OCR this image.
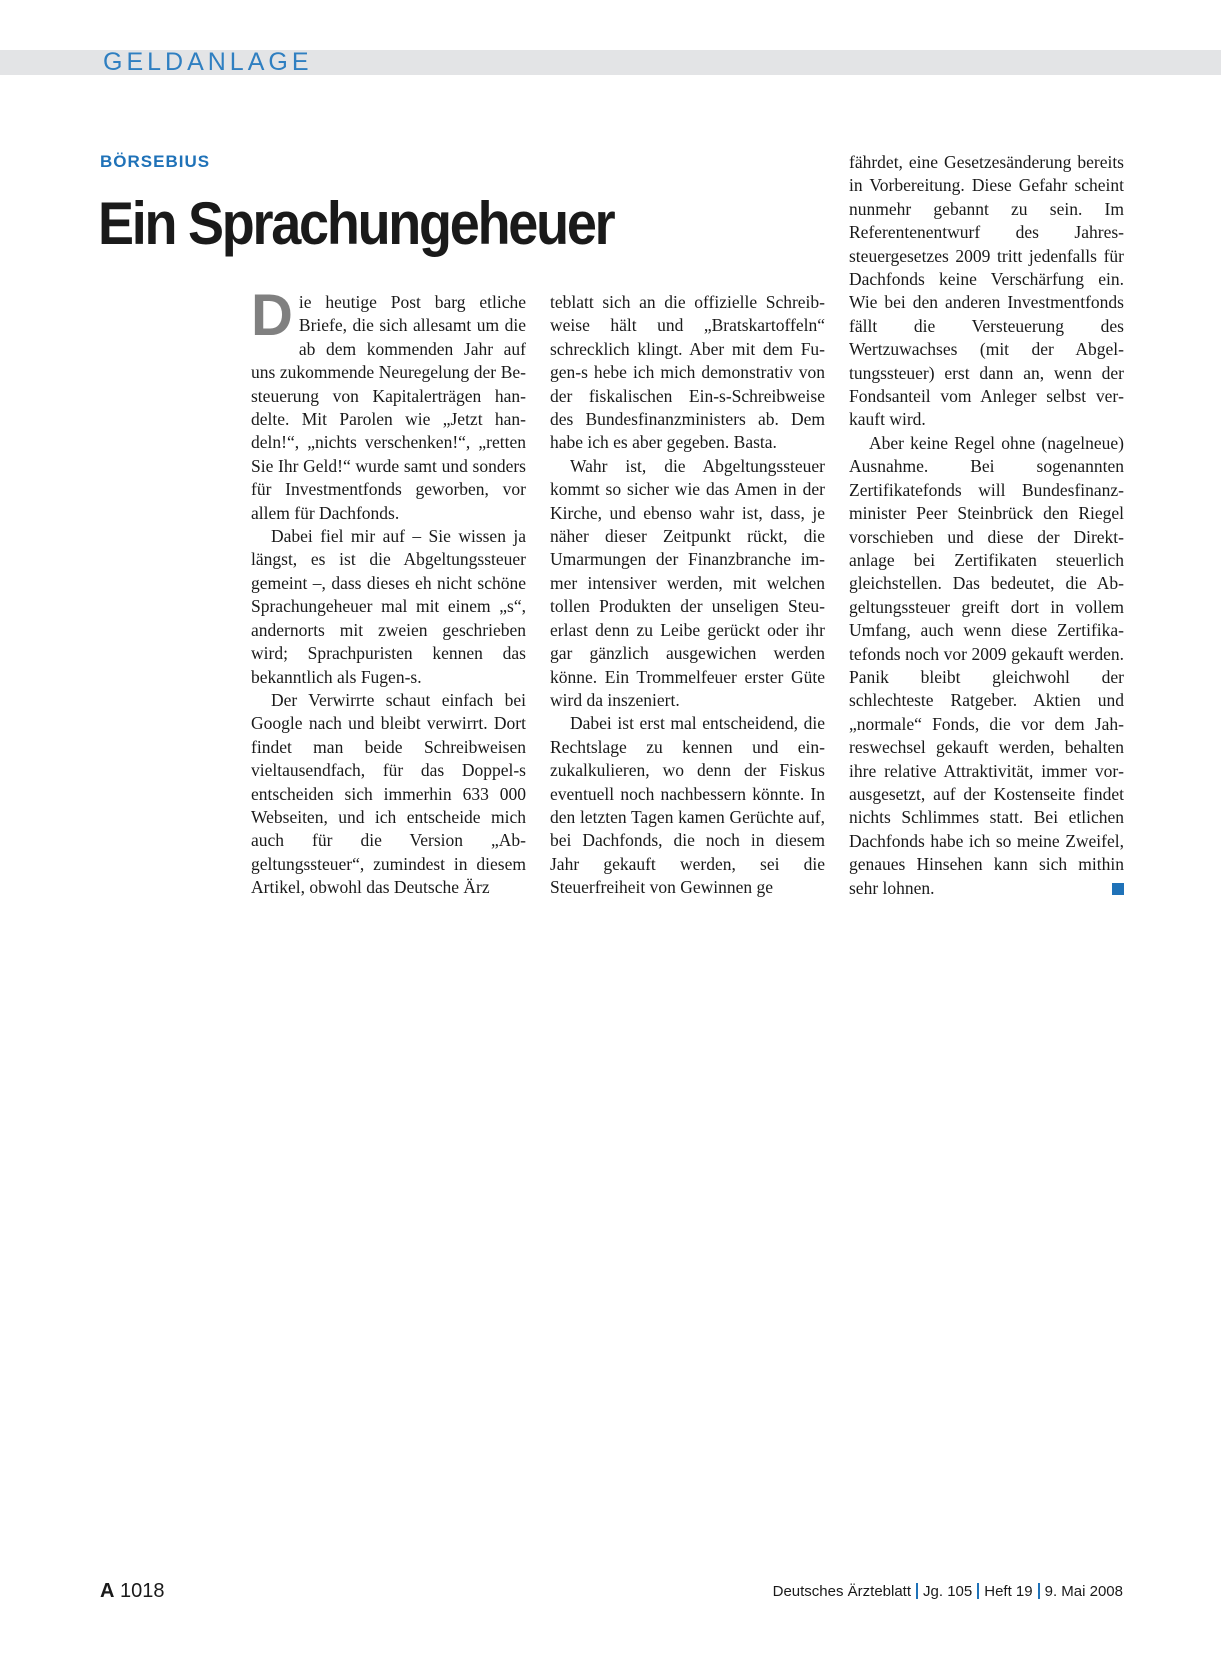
GELDANLAGE
BÖRSEBIUS
Ein Sprachungeheuer

Die heutige Post barg etliche Briefe, die sich allesamt um die ab dem kommenden Jahr auf uns zukommende Neuregelung der Besteuerung von Kapitalerträgen handelte. Mit Parolen wie „Jetzt handeln!“, „nichts verschenken!“, „retten Sie Ihr Geld!“ wurde samt und sonders für Investmentfonds geworben, vor allem für Dachfonds.

Dabei fiel mir auf – Sie wissen ja längst, es ist die Abgeltungssteuer gemeint –, dass dieses eh nicht schöne Sprachungeheuer mal mit einem „s“, andernorts mit zweien geschrieben wird; Sprachpuristen kennen das bekanntlich als Fugen-s.

Der Verwirrte schaut einfach bei Google nach und bleibt verwirrt. Dort findet man beide Schreibweisen vieltausendfach, für das Doppel-s entscheiden sich immerhin 633 000 Webseiten, und ich entscheide mich auch für die Version „Abgeltungssteuer“, zumindest in diesem Artikel, obwohl das Deutsche Ärz

teblatt sich an die offizielle Schreibweise hält und „Bratskartoffeln“ schrecklich klingt. Aber mit dem Fugen-s hebe ich mich demonstrativ von der fiskalischen Ein-s-Schreibweise des Bundesfinanzministers ab. Dem habe ich es aber gegeben. Basta.

Wahr ist, die Abgeltungssteuer kommt so sicher wie das Amen in der Kirche, und ebenso wahr ist, dass, je näher dieser Zeitpunkt rückt, die Umarmungen der Finanzbranche immer intensiver werden, mit welchen tollen Produkten der unseligen Steuerlast denn zu Leibe gerückt oder ihr gar gänzlich ausgewichen werden könne. Ein Trommelfeuer erster Güte wird da inszeniert.

Dabei ist erst mal entscheidend, die Rechtslage zu kennen und einzukalkulieren, wo denn der Fiskus eventuell noch nachbessern könnte. In den letzten Tagen kamen Gerüchte auf, bei Dachfonds, die noch in diesem Jahr gekauft werden, sei die Steuerfreiheit von Gewinnen ge

fährdet, eine Gesetzesänderung bereits in Vorbereitung. Diese Gefahr scheint nunmehr gebannt zu sein. Im Referentenentwurf des Jahressteuergesetzes 2009 tritt jedenfalls für Dachfonds keine Verschärfung ein. Wie bei den anderen Investmentfonds fällt die Versteuerung des Wertzuwachses (mit der Abgeltungssteuer) erst dann an, wenn der Fondsanteil vom Anleger selbst verkauft wird.

Aber keine Regel ohne (nagelneue) Ausnahme. Bei sogenannten Zertifikatefonds will Bundesfinanzminister Peer Steinbrück den Riegel vorschieben und diese der Direktanlage bei Zertifikaten steuerlich gleichstellen. Das bedeutet, die Abgeltungssteuer greift dort in vollem Umfang, auch wenn diese Zertifikatefonds noch vor 2009 gekauft werden. Panik bleibt gleichwohl der schlechteste Ratgeber. Aktien und „normale“ Fonds, die vor dem Jahreswechsel gekauft werden, behalten ihre relative Attraktivität, immer vorausgesetzt, auf der Kostenseite findet nichts Schlimmes statt. Bei etlichen Dachfonds habe ich so meine Zweifel, genaues Hinsehen kann sich mithin sehr lohnen.

A 1018	Deutsches Ärzteblatt Jg. 105 Heft 19 9. Mai 2008
